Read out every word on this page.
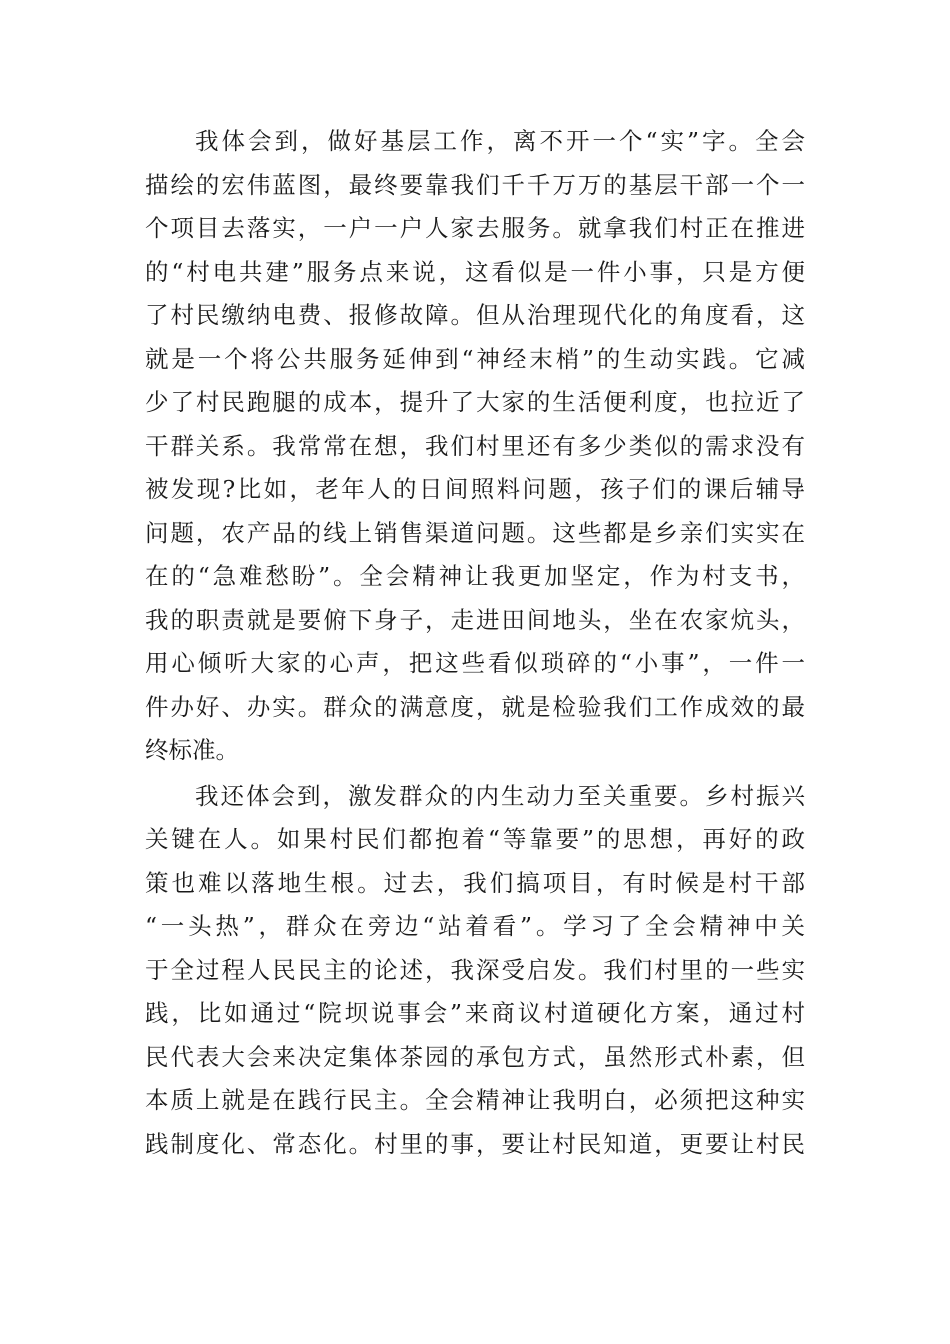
我体会到，做好基层工作，离不开一个“实”字。全会
描绘的宏伟蓝图，最终要靠我们千千万万的基层干部一个一
个项目去落实，一户一户人家去服务。就拿我们村正在推进
的“村电共建”服务点来说，这看似是一件小事，只是方便
了村民缴纳电费、报修故障。但从治理现代化的角度看，这
就是一个将公共服务延伸到“神经末梢”的生动实践。它减
少了村民跑腿的成本，提升了大家的生活便利度，也拉近了
干群关系。我常常在想，我们村里还有多少类似的需求没有
被发现?比如，老年人的日间照料问题，孩子们的课后辅导
问题，农产品的线上销售渠道问题。这些都是乡亲们实实在
在的“急难愁盼”。全会精神让我更加坚定，作为村支书，
我的职责就是要俯下身子，走进田间地头，坐在农家炕头，
用心倾听大家的心声，把这些看似琐碎的“小事”，一件一
件办好、办实。群众的满意度，就是检验我们工作成效的最
终标准。
我还体会到，激发群众的内生动力至关重要。乡村振兴
关键在人。如果村民们都抱着“等靠要”的思想，再好的政
策也难以落地生根。过去，我们搞项目，有时候是村干部
“一头热”，群众在旁边“站着看”。学习了全会精神中关
于全过程人民民主的论述，我深受启发。我们村里的一些实
践，比如通过“院坝说事会”来商议村道硬化方案，通过村
民代表大会来决定集体茶园的承包方式，虽然形式朴素，但
本质上就是在践行民主。全会精神让我明白，必须把这种实
践制度化、常态化。村里的事，要让村民知道，更要让村民
